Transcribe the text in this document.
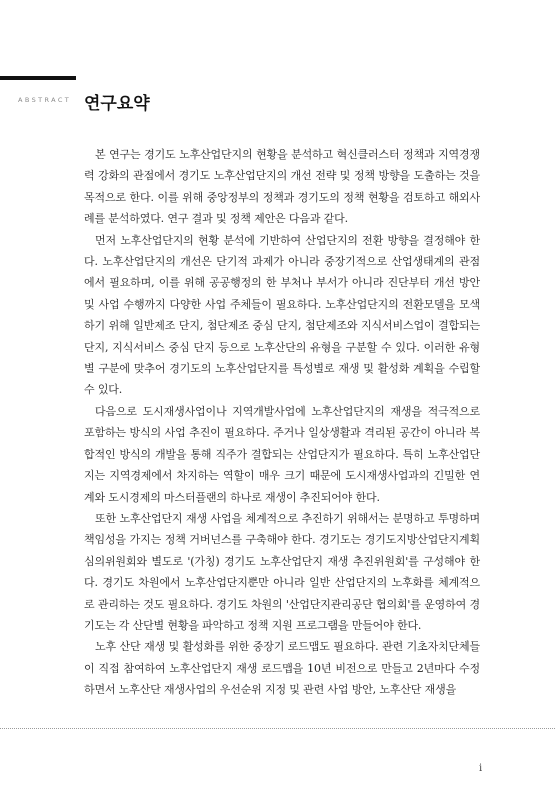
ABSTRACT 연구요약

본 연구는 경기도 노후산업단지의 현황을 분석하고 혁신클러스터 정책과 지역경쟁력 강화의 관점에서 경기도 노후산업단지의 개선 전략 및 정책 방향을 도출하는 것을 목적으로 한다. 이를 위해 중앙정부의 정책과 경기도의 정책 현황을 검토하고 해외사례를 분석하였다. 연구 결과 및 정책 제안은 다음과 같다.

먼저 노후산업단지의 현황 분석에 기반하여 산업단지의 전환 방향을 결정해야 한다. 노후산업단지의 개선은 단기적 과제가 아니라 중장기적으로 산업생태계의 관점에서 필요하며, 이를 위해 공공행정의 한 부처나 부서가 아니라 진단부터 개선 방안 및 사업 수행까지 다양한 사업 주체들이 필요하다. 노후산업단지의 전환모델을 모색하기 위해 일반제조 단지, 첨단제조 중심 단지, 첨단제조와 지식서비스업이 결합되는 단지, 지식서비스 중심 단지 등으로 노후산단의 유형을 구분할 수 있다. 이러한 유형별 구분에 맞추어 경기도의 노후산업단지를 특성별로 재생 및 활성화 계획을 수립할 수 있다.

다음으로 도시재생사업이나 지역개발사업에 노후산업단지의 재생을 적극적으로 포함하는 방식의 사업 추진이 필요하다. 주거나 일상생활과 격리된 공간이 아니라 복합적인 방식의 개발을 통해 직주가 결합되는 산업단지가 필요하다. 특히 노후산업단지는 지역경제에서 차지하는 역할이 매우 크기 때문에 도시재생사업과의 긴밀한 연계와 도시경제의 마스터플랜의 하나로 재생이 추진되어야 한다.

또한 노후산업단지 재생 사업을 체계적으로 추진하기 위해서는 분명하고 투명하며 책임성을 가지는 정책 거버넌스를 구축해야 한다. 경기도는 경기도지방산업단지계획심의위원회와 별도로 '(가칭) 경기도 노후산업단지 재생 추진위원회'를 구성해야 한다. 경기도 차원에서 노후산업단지뿐만 아니라 일반 산업단지의 노후화를 체계적으로 관리하는 것도 필요하다. 경기도 차원의 '산업단지관리공단 협의회'를 운영하여 경기도는 각 산단별 현황을 파악하고 정책 지원 프로그램을 만들어야 한다.

노후 산단 재생 및 활성화를 위한 중장기 로드맵도 필요하다. 관련 기초자치단체들이 직접 참여하여 노후산업단지 재생 로드맵을 10년 비전으로 만들고 2년마다 수정하면서 노후산단 재생사업의 우선순위 지정 및 관련 사업 방안, 노후산단 재생을

i
